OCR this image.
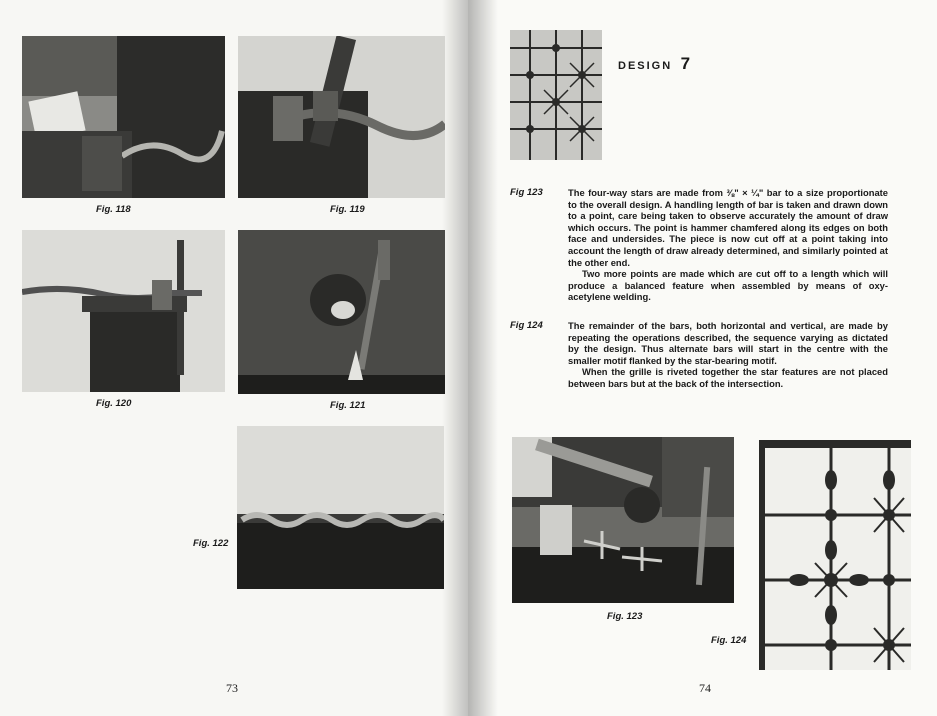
Fig. 118	Fig. 119
Fig. 120	Fig. 121
Fig. 122
73
DESIGN 7
Fig 123	The four-way stars are made from ⅜" × ¼" bar to a size proportionate to the overall design. A handling length of bar is taken and drawn down to a point, care being taken to observe accurately the amount of draw which occurs. The point is hammer chamfered along its edges on both face and undersides. The piece is now cut off at a point taking into account the length of draw already determined, and similarly pointed at the other end.

Two more points are made which are cut off to a length which will produce a balanced feature when assembled by means of oxy-acetylene welding.

Fig 124	The remainder of the bars, both horizontal and vertical, are made by repeating the operations described, the sequence varying as dictated by the design. Thus alternate bars will start in the centre with the smaller motif flanked by the star-bearing motif.

When the grille is riveted together the star features are not placed between bars but at the back of the intersection.

Fig. 123
Fig. 124
74
